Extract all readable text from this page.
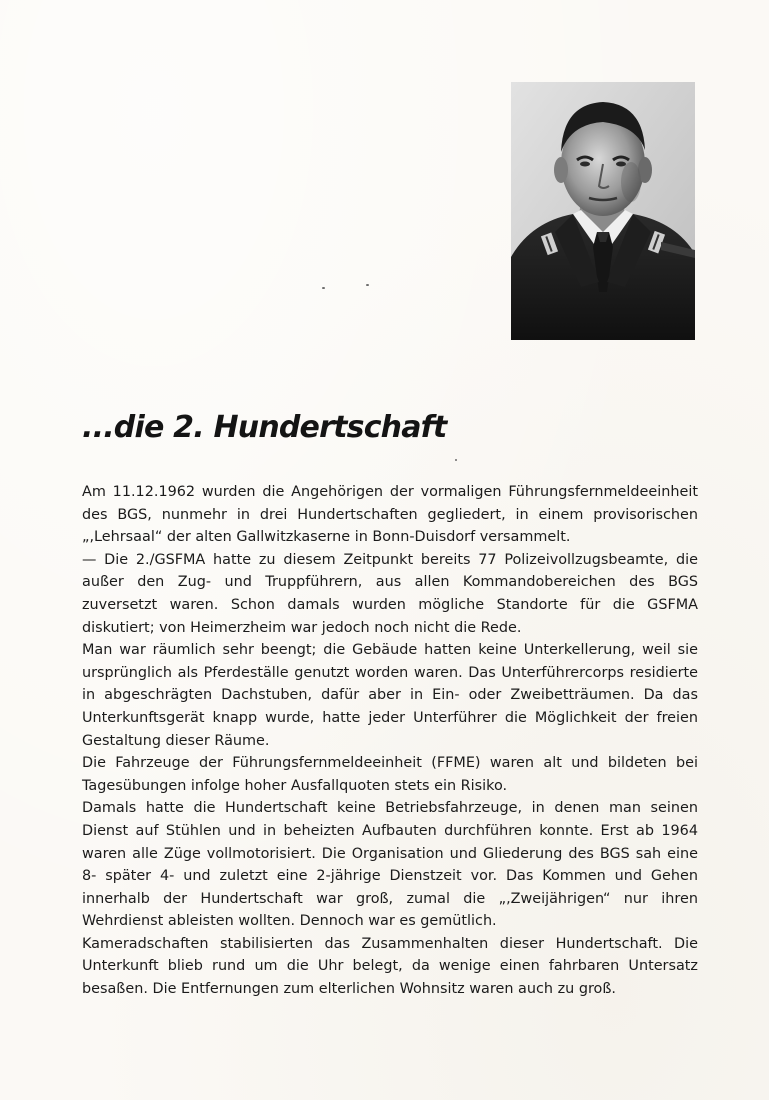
...die 2. Hundertschaft

Am 11.12.1962 wurden die Angehörigen der vormaligen Führungsfernmeldeeinheit des BGS, nunmehr in drei Hundertschaften gegliedert, in einem provisorischen „,Lehrsaal“ der alten Gallwitzkaserne in Bonn-Duisdorf versammelt.

— Die 2./GSFMA hatte zu diesem Zeitpunkt bereits 77 Polizeivollzugsbeamte, die außer den Zug- und Truppführern, aus allen Kommandobereichen des BGS zuversetzt waren. Schon damals wurden mögliche Standorte für die GSFMA diskutiert; von Heimerzheim war jedoch noch nicht die Rede.

Man war räumlich sehr beengt; die Gebäude hatten keine Unterkellerung, weil sie ursprünglich als Pferdeställe genutzt worden waren. Das Unterführercorps residierte in abgeschrägten Dachstuben, dafür aber in Ein- oder Zweibetträumen. Da das Unterkunftsgerät knapp wurde, hatte jeder Unterführer die Möglichkeit der freien Gestaltung dieser Räume.

Die Fahrzeuge der Führungsfernmeldeeinheit (FFME) waren alt und bildeten bei Tagesübungen infolge hoher Ausfallquoten stets ein Risiko.

Damals hatte die Hundertschaft keine Betriebsfahrzeuge, in denen man seinen Dienst auf Stühlen und in beheizten Aufbauten durchführen konnte. Erst ab 1964 waren alle Züge vollmotorisiert. Die Organisation und Gliederung des BGS sah eine 8- später 4- und zuletzt eine 2-jährige Dienstzeit vor. Das Kommen und Gehen innerhalb der Hundertschaft war groß, zumal die „,Zweijährigen“ nur ihren Wehrdienst ableisten wollten. Dennoch war es gemütlich.

Kameradschaften stabilisierten das Zusammenhalten dieser Hundertschaft. Die Unterkunft blieb rund um die Uhr belegt, da wenige einen fahrbaren Untersatz besaßen. Die Entfernungen zum elterlichen Wohnsitz waren auch zu groß.
